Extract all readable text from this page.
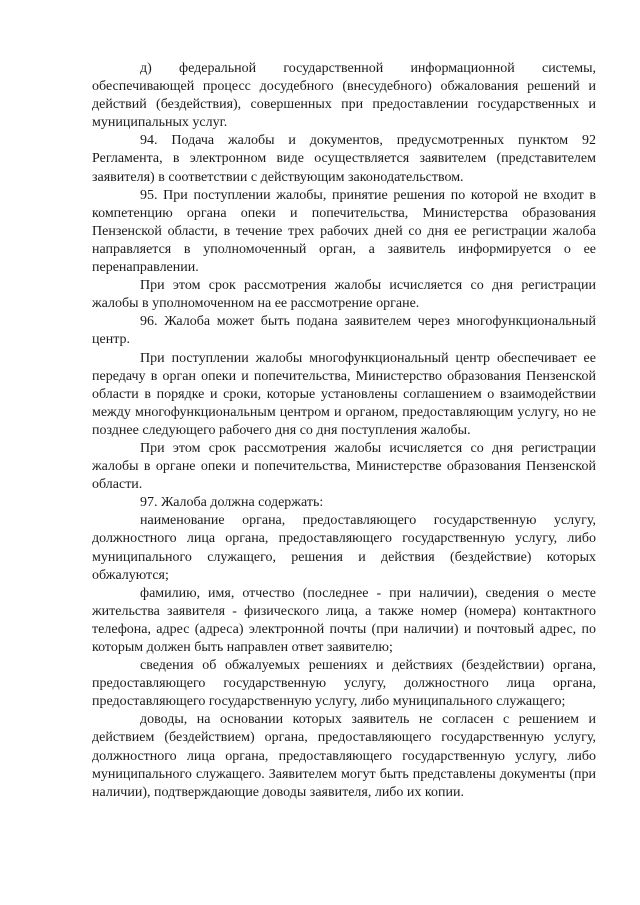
д) федеральной государственной информационной системы, обеспечивающей процесс досудебного (внесудебного) обжалования решений и действий (бездействия), совершенных при предоставлении государственных и муниципальных услуг.

94. Подача жалобы и документов, предусмотренных пунктом 92 Регламента, в электронном виде осуществляется заявителем (представителем заявителя) в соответствии с действующим законодательством.

95. При поступлении жалобы, принятие решения по которой не входит в компетенцию органа опеки и попечительства, Министерства образования Пензенской области, в течение трех рабочих дней со дня ее регистрации жалоба направляется в уполномоченный орган, а заявитель информируется о ее перенаправлении.

При этом срок рассмотрения жалобы исчисляется со дня регистрации жалобы в уполномоченном на ее рассмотрение органе.

96. Жалоба может быть подана заявителем через многофункциональный центр.

При поступлении жалобы многофункциональный центр обеспечивает ее передачу в орган опеки и попечительства, Министерство образования Пензенской области в порядке и сроки, которые установлены соглашением о взаимодействии между многофункциональным центром и органом, предоставляющим услугу, но не позднее следующего рабочего дня со дня поступления жалобы.

При этом срок рассмотрения жалобы исчисляется со дня регистрации жалобы в органе опеки и попечительства, Министерстве образования Пензенской области.

97. Жалоба должна содержать:

наименование органа, предоставляющего государственную услугу, должностного лица органа, предоставляющего государственную услугу, либо муниципального служащего, решения и действия (бездействие) которых обжалуются;

фамилию, имя, отчество (последнее - при наличии), сведения о месте жительства заявителя - физического лица, а также номер (номера) контактного телефона, адрес (адреса) электронной почты (при наличии) и почтовый адрес, по которым должен быть направлен ответ заявителю;

сведения об обжалуемых решениях и действиях (бездействии) органа, предоставляющего государственную услугу, должностного лица органа, предоставляющего государственную услугу, либо муниципального служащего;

доводы, на основании которых заявитель не согласен с решением и действием (бездействием) органа, предоставляющего государственную услугу, должностного лица органа, предоставляющего государственную услугу, либо муниципального служащего. Заявителем могут быть представлены документы (при наличии), подтверждающие доводы заявителя, либо их копии.
